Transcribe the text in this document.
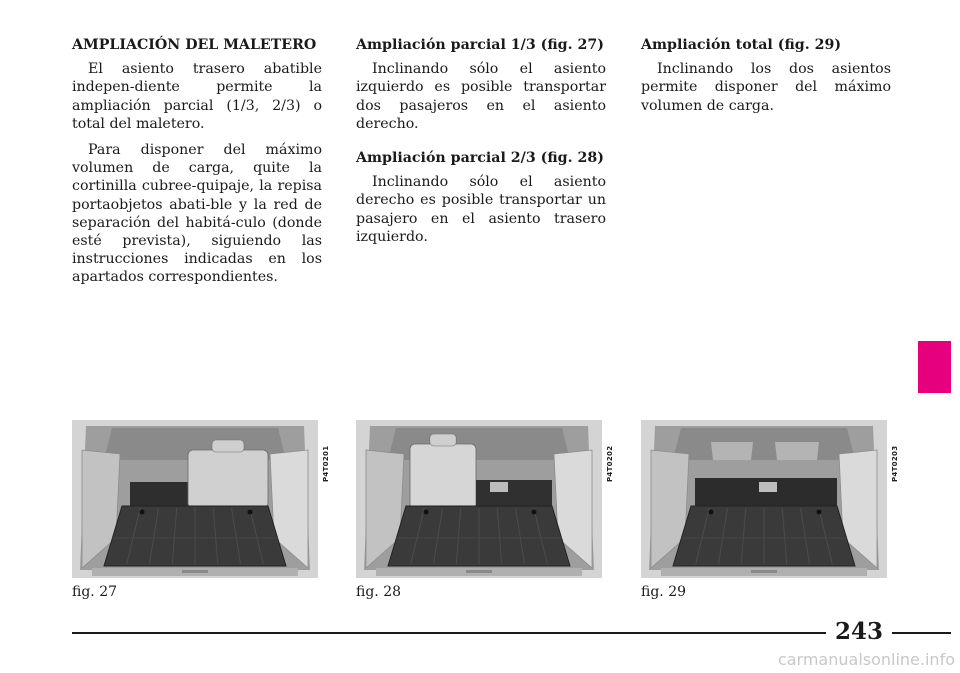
AMPLIACIÓN DEL MALETERO
El asiento trasero abatible indepen-diente permite la ampliación parcial (1/3, 2/3) o total del maletero.
Para disponer del máximo volumen de carga, quite la cortinilla cubree-quipaje, la repisa portaobjetos abati-ble y la red de separación del habitá-culo (donde esté prevista), siguiendo las instrucciones indicadas en los apartados correspondientes.
Ampliación parcial 1/3 (fig. 27)
Inclinando sólo el asiento izquierdo es posible transportar dos pasajeros en el asiento derecho.
Ampliación parcial 2/3 (fig. 28)
Inclinando sólo el asiento derecho es posible transportar un pasajero en el asiento trasero izquierdo.
Ampliación total (fig. 29)
Inclinando los dos asientos permite disponer del máximo volumen de carga.
P4T0201	P4T0202	P4T0203
fig. 27	fig. 28	fig. 29
243
carmanualsonline.info
